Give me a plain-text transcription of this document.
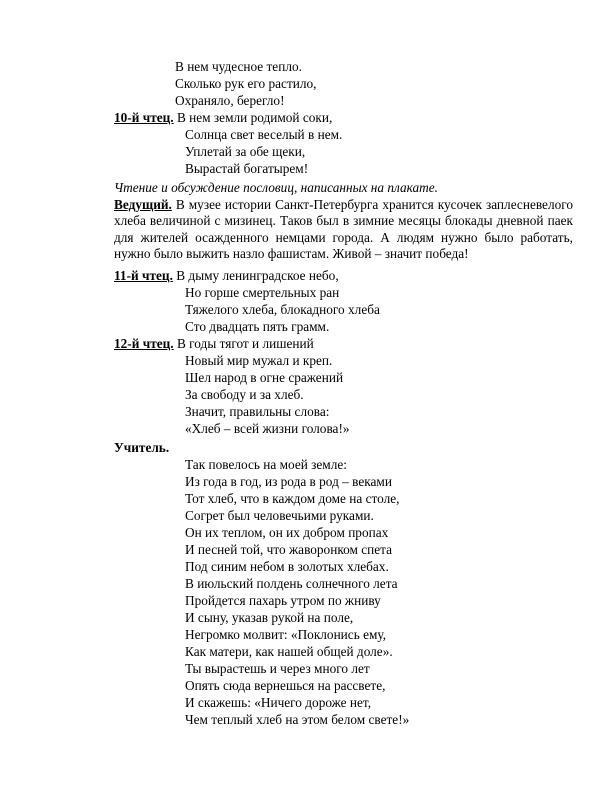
В нем чудесное тепло.
Сколько рук его растило,
Охраняло, берегло!
10-й чтец. В нем земли родимой соки,
Солнца свет веселый в нем.
Уплетай за обе щеки,
Вырастай богатырем!
Чтение и обсуждение пословиц, написанных на плакате.
Ведущий. В музее истории Санкт-Петербурга хранится кусочек заплесневелого хлеба величиной с мизинец. Таков был в зимние месяцы блокады дневной паек для жителей осажденного немцами города. А людям нужно было работать, нужно было выжить назло фашистам. Живой – значит победа!
11-й чтец. В дыму ленинградское небо,
Но горше смертельных ран
Тяжелого хлеба, блокадного хлеба
Сто двадцать пять грамм.
12-й чтец. В годы тягот и лишений
Новый мир мужал и креп.
Шел народ в огне сражений
За свободу и за хлеб.
Значит, правильны слова:
«Хлеб – всей жизни голова!»
Учитель.
Так повелось на моей земле:
Из года в год, из рода в род – веками
Тот хлеб, что в каждом доме на столе,
Согрет был человечьими руками.
Он их теплом, он их добром пропах
И песней той, что жаворонком спета
Под синим небом в золотых хлебах.
В июльский полдень солнечного лета
Пройдется пахарь утром по жниву
И сыну, указав рукой на поле,
Негромко молвит: «Поклонись ему,
Как матери, как нашей общей доле».
Ты вырастешь и через много лет
Опять сюда вернешься на рассвете,
И скажешь: «Ничего дороже нет,
Чем теплый хлеб на этом белом свете!»
